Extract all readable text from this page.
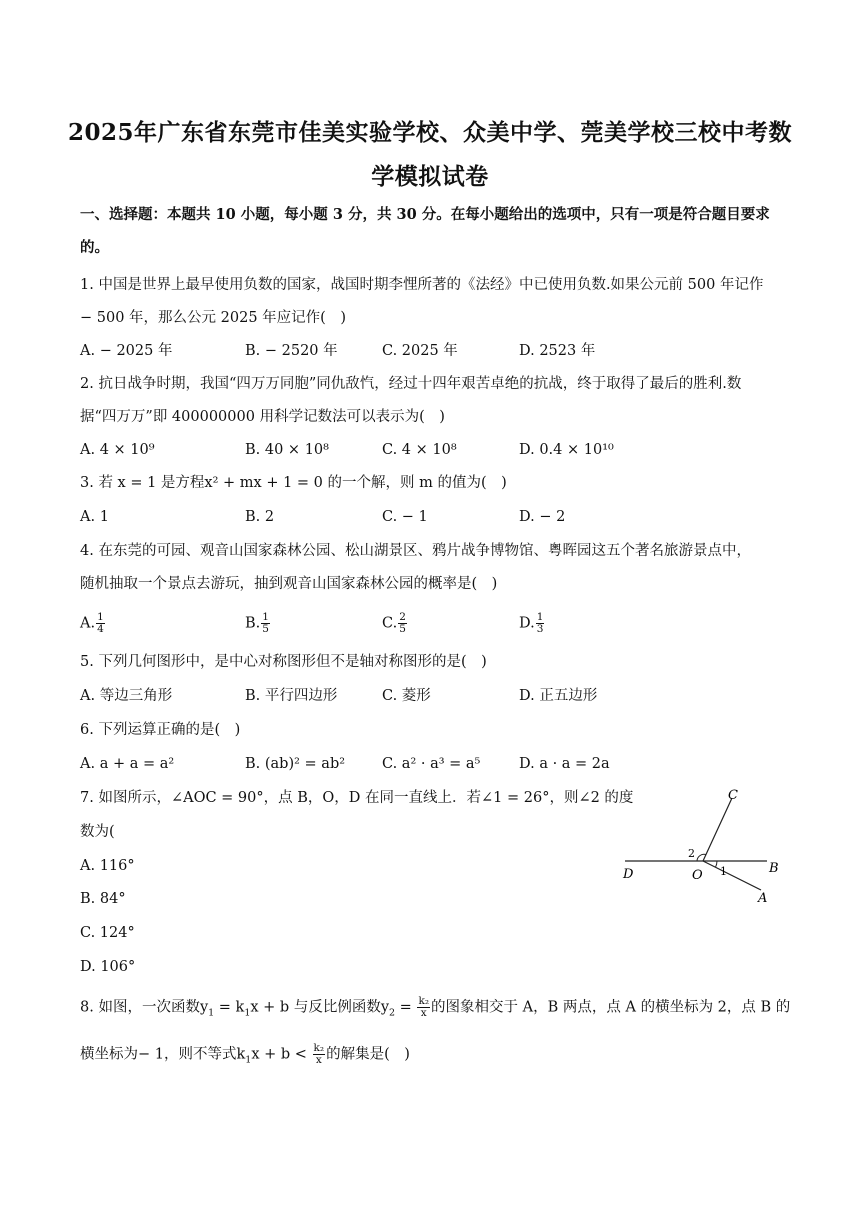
2025年广东省东莞市佳美实验学校、众美中学、莞美学校三校中考数
学模拟试卷
一、选择题：本题共 10 小题，每小题 3 分，共 30 分。在每小题给出的选项中，只有一项是符合题目要求
的。
1. 中国是世界上最早使用负数的国家，战国时期李悝所著的《法经》中已使用负数.如果公元前 500 年记作
− 500 年，那么公元 2025 年应记作(　)
A. − 2025 年	B. − 2520 年	C. 2025 年	D. 2523 年
2. 抗日战争时期，我国“四万万同胞”同仇敌忾，经过十四年艰苦卓绝的抗战，终于取得了最后的胜利.数
据“四万万”即 400000000 用科学记数法可以表示为(　)
A. 4 × 10⁹	B. 40 × 10⁸	C. 4 × 10⁸	D. 0.4 × 10¹⁰
3. 若 x = 1 是方程x² + mx + 1 = 0 的一个解，则 m 的值为(　)
A. 1	B. 2	C. − 1	D. − 2
4. 在东莞的可园、观音山国家森林公园、松山湖景区、鸦片战争博物馆、粤晖园这五个著名旅游景点中，
随机抽取一个景点去游玩，抽到观音山国家森林公园的概率是(　)
A. $\frac{1}{4}$	B. $\frac{1}{5}$	C. $\frac{2}{5}$	D. $\frac{1}{3}$
5. 下列几何图形中，是中心对称图形但不是轴对称图形的是(　)
A. 等边三角形	B. 平行四边形	C. 菱形	D. 正五边形
6. 下列运算正确的是(　)
A. a + a = a²	B. (ab)² = ab²	C. a² · a³ = a⁵	D. a · a = 2a
7. 如图所示，∠AOC = 90°，点 B，O，D 在同一直线上．若∠1 = 26°，则∠2 的度
数为(
A. 116°
B. 84°
C. 124°
D. 106°
C
D	O	B
A
1
2
8. 如图，一次函数$y_1 = k_1x + b$ 与反比例函数$y_2 = \frac{\text{k₂}}{x}$ 的图象相交于 A，B 两点，点 A 的横坐标为 2，点 B 的
横坐标为− 1，则不等式$k_1x + b < \frac{\text{k₂}}{x}$ 的解集是(　)
